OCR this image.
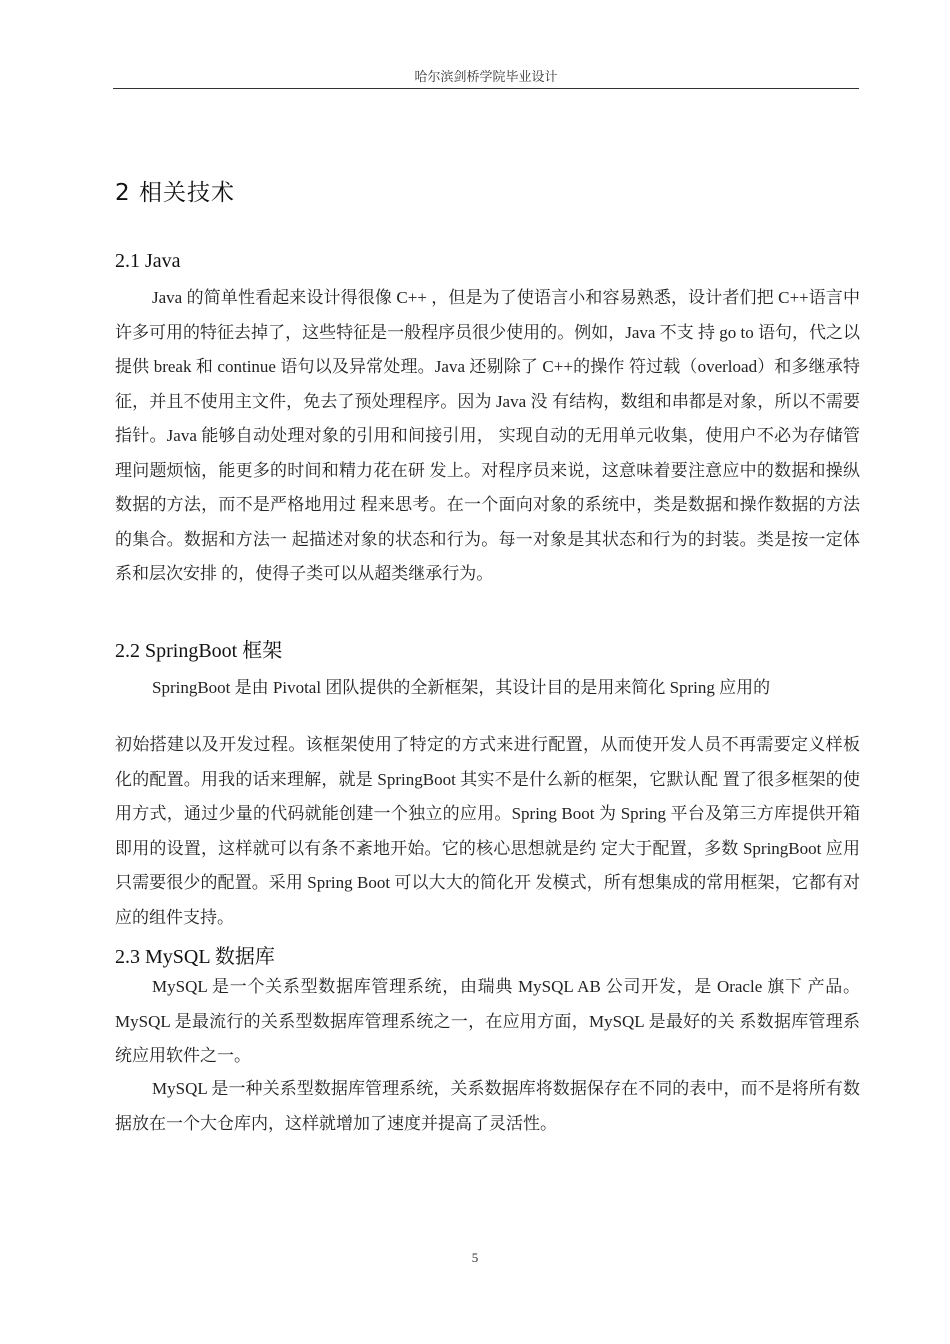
哈尔滨剑桥学院毕业设计
2 相关技术
2.1 Java

Java 的简单性看起来设计得很像 C++ ，但是为了使语言小和容易熟悉，设计者们把 C++语言中许多可用的特征去掉了，这些特征是一般程序员很少使用的。例如，Java 不支 持 go to 语句，代之以提供 break 和 continue 语句以及异常处理。Java 还剔除了 C++的操作 符过载（overload）和多继承特征，并且不使用主文件，免去了预处理程序。因为 Java 没 有结构，数组和串都是对象，所以不需要指针。Java 能够自动处理对象的引用和间接引用， 实现自动的无用单元收集，使用户不必为存储管理问题烦恼，能更多的时间和精力花在研 发上。对程序员来说，这意味着要注意应中的数据和操纵数据的方法，而不是严格地用过 程来思考。在一个面向对象的系统中，类是数据和操作数据的方法的集合。数据和方法一 起描述对象的状态和行为。每一对象是其状态和行为的封装。类是按一定体系和层次安排 的，使得子类可以从超类继承行为。

2.2 SpringBoot 框架

SpringBoot 是由 Pivotal 团队提供的全新框架，其设计目的是用来简化 Spring 应用的

初始搭建以及开发过程。该框架使用了特定的方式来进行配置，从而使开发人员不再需要定义样板化的配置。用我的话来理解，就是 SpringBoot 其实不是什么新的框架，它默认配 置了很多框架的使用方式，通过少量的代码就能创建一个独立的应用。Spring Boot 为 Spring 平台及第三方库提供开箱即用的设置，这样就可以有条不紊地开始。它的核心思想就是约 定大于配置，多数 SpringBoot 应用只需要很少的配置。采用 Spring Boot 可以大大的简化开 发模式，所有想集成的常用框架，它都有对应的组件支持。

2.3 MySQL 数据库

MySQL 是一个关系型数据库管理系统，由瑞典 MySQL AB 公司开发，是 Oracle 旗下 产品。MySQL 是最流行的关系型数据库管理系统之一，在应用方面，MySQL 是最好的关 系数据库管理系统应用软件之一。

MySQL 是一种关系型数据库管理系统，关系数据库将数据保存在不同的表中，而不是将所有数据放在一个大仓库内，这样就增加了速度并提高了灵活性。

5
